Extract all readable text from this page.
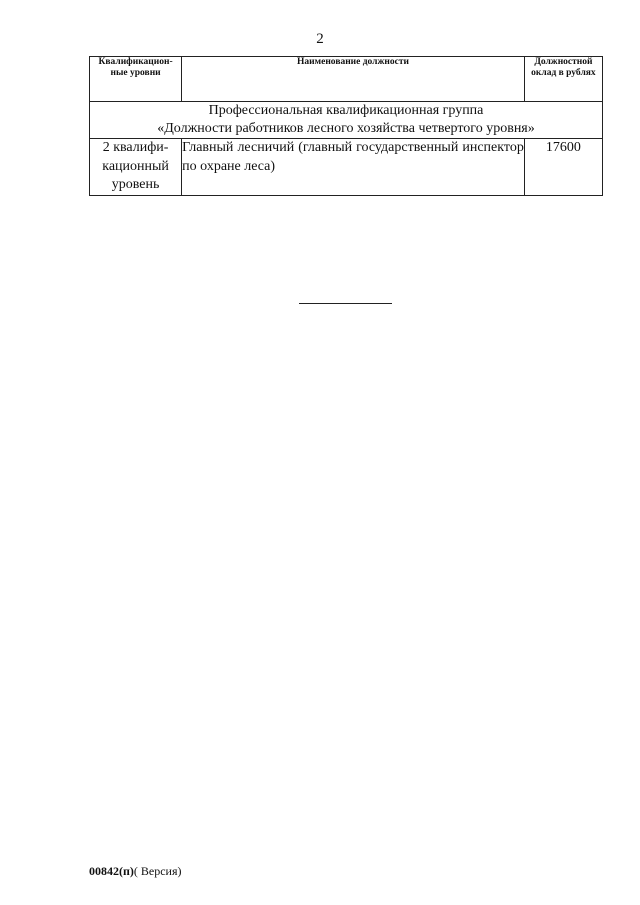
2
Квалификацион-ные уровни	Наименование должности	Должностной оклад в рублях

Профессиональная квалификационная группа
«Должности работников лесного хозяйства четвертого уровня»		

2 квалифи-кационный уровень	Главный лесничий (главный государственный инспектор по охране леса)	17600
00842(п)( Версия)
